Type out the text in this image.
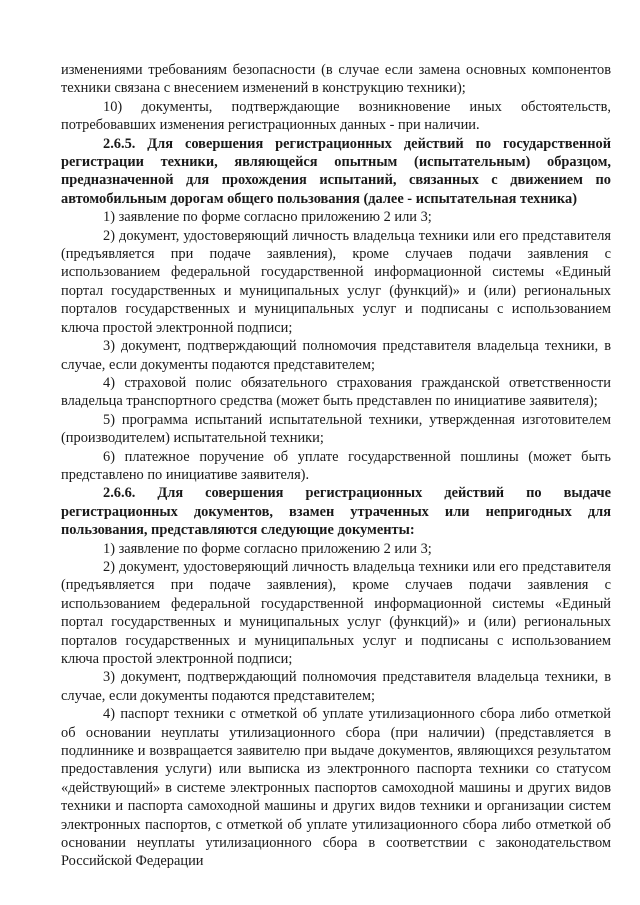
изменениями требованиям безопасности (в случае если замена основных компонентов техники связана с внесением изменений в конструкцию техники);

10) документы, подтверждающие возникновение иных обстоятельств, потребовавших изменения регистрационных данных - при наличии.

2.6.5. Для совершения регистрационных действий по государственной регистрации техники, являющейся опытным (испытательным) образцом, предназначенной для прохождения испытаний, связанных с движением по автомобильным дорогам общего пользования (далее - испытательная техника)

1) заявление по форме согласно приложению 2 или 3;

2) документ, удостоверяющий личность владельца техники или его представителя (предъявляется при подаче заявления), кроме случаев подачи заявления с использованием федеральной государственной информационной системы «Единый портал государственных и муниципальных услуг (функций)» и (или) региональных порталов государственных и муниципальных услуг и подписаны с использованием ключа простой электронной подписи;

3) документ, подтверждающий полномочия представителя владельца техники, в случае, если документы подаются представителем;

4) страховой полис обязательного страхования гражданской ответственности владельца транспортного средства (может быть представлен по инициативе заявителя);

5) программа испытаний испытательной техники, утвержденная изготовителем (производителем) испытательной техники;

6) платежное поручение об уплате государственной пошлины (может быть представлено по инициативе заявителя).

2.6.6. Для совершения регистрационных действий по выдаче регистрационных документов, взамен утраченных или непригодных для пользования, представляются следующие документы:

1) заявление по форме согласно приложению 2 или 3;

2) документ, удостоверяющий личность владельца техники или его представителя (предъявляется при подаче заявления), кроме случаев подачи заявления с использованием федеральной государственной информационной системы «Единый портал государственных и муниципальных услуг (функций)» и (или) региональных порталов государственных и муниципальных услуг и подписаны с использованием ключа простой электронной подписи;

3) документ, подтверждающий полномочия представителя владельца техники, в случае, если документы подаются представителем;

4) паспорт техники с отметкой об уплате утилизационного сбора либо отметкой об основании неуплаты утилизационного сбора (при наличии) (представляется в подлиннике и возвращается заявителю при выдаче документов, являющихся результатом предоставления услуги) или выписка из электронного паспорта техники со статусом «действующий» в системе электронных паспортов самоходной машины и других видов техники и паспорта самоходной машины и других видов техники и организации систем электронных паспортов, с отметкой об уплате утилизационного сбора либо отметкой об основании неуплаты утилизационного сбора в соответствии с законодательством Российской Федерации
